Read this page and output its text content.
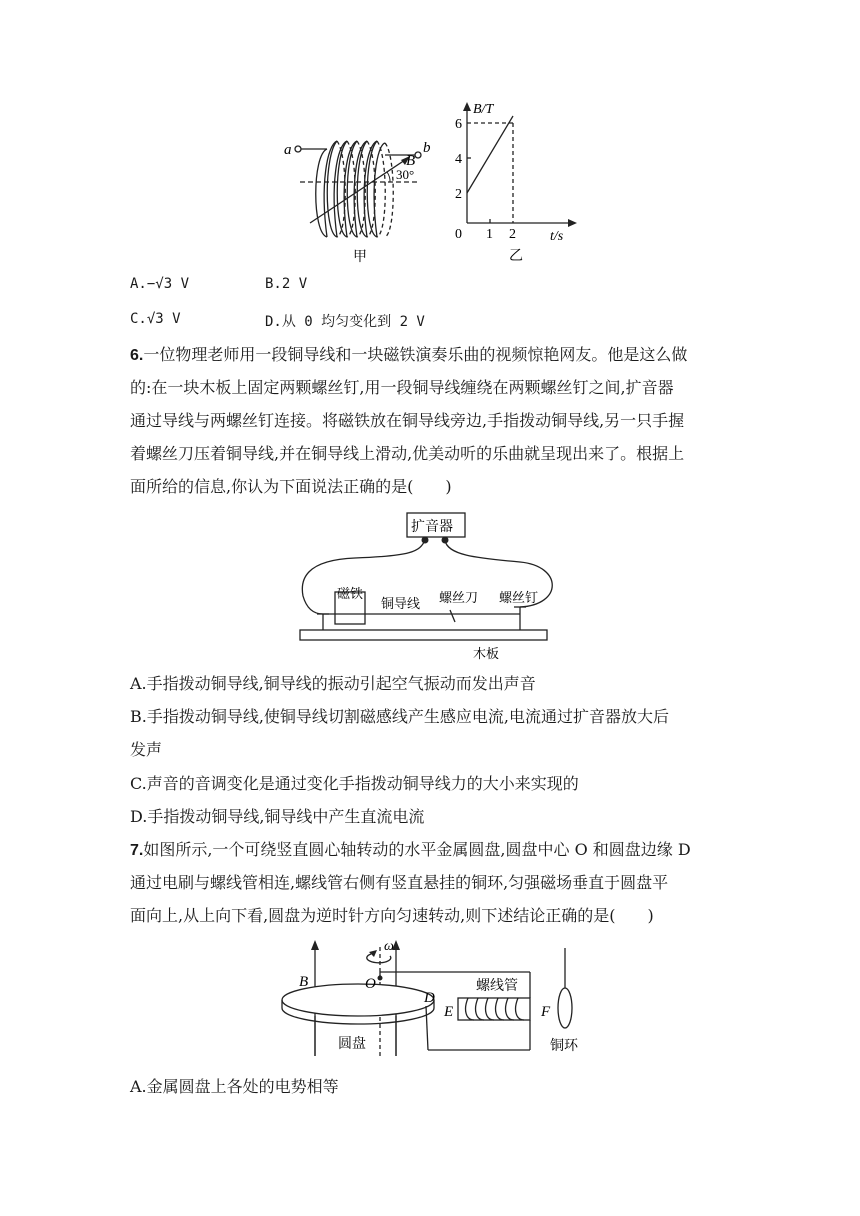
a	b
B
30°
甲
B/T
t/s
0
2
4
6
1 2
乙
A.−√3 V	B.2 V
C.√3 V	D.从 0 均匀变化到 2 V
6.一位物理老师用一段铜导线和一块磁铁演奏乐曲的视频惊艳网友。他是这么做
的:在一块木板上固定两颗螺丝钉,用一段铜导线缠绕在两颗螺丝钉之间,扩音器
通过导线与两螺丝钉连接。将磁铁放在铜导线旁边,手指拨动铜导线,另一只手握
着螺丝刀压着铜导线,并在铜导线上滑动,优美动听的乐曲就呈现出来了。根据上
面所给的信息,你认为下面说法正确的是(　　)
扩音器
磁铁
铜导线 螺丝刀 螺丝钉
木板
A.手指拨动铜导线,铜导线的振动引起空气振动而发出声音
B.手指拨动铜导线,使铜导线切割磁感线产生感应电流,电流通过扩音器放大后
发声
C.声音的音调变化是通过变化手指拨动铜导线力的大小来实现的
D.手指拨动铜导线,铜导线中产生直流电流
7.如图所示,一个可绕竖直圆心轴转动的水平金属圆盘,圆盘中心 O 和圆盘边缘 D
通过电刷与螺线管相连,螺线管右侧有竖直悬挂的铜环,匀强磁场垂直于圆盘平
面向上,从上向下看,圆盘为逆时针方向匀速转动,则下述结论正确的是(　　)
B
ω
O
D
E	F
螺线管
圆盘	铜环
A.金属圆盘上各处的电势相等
